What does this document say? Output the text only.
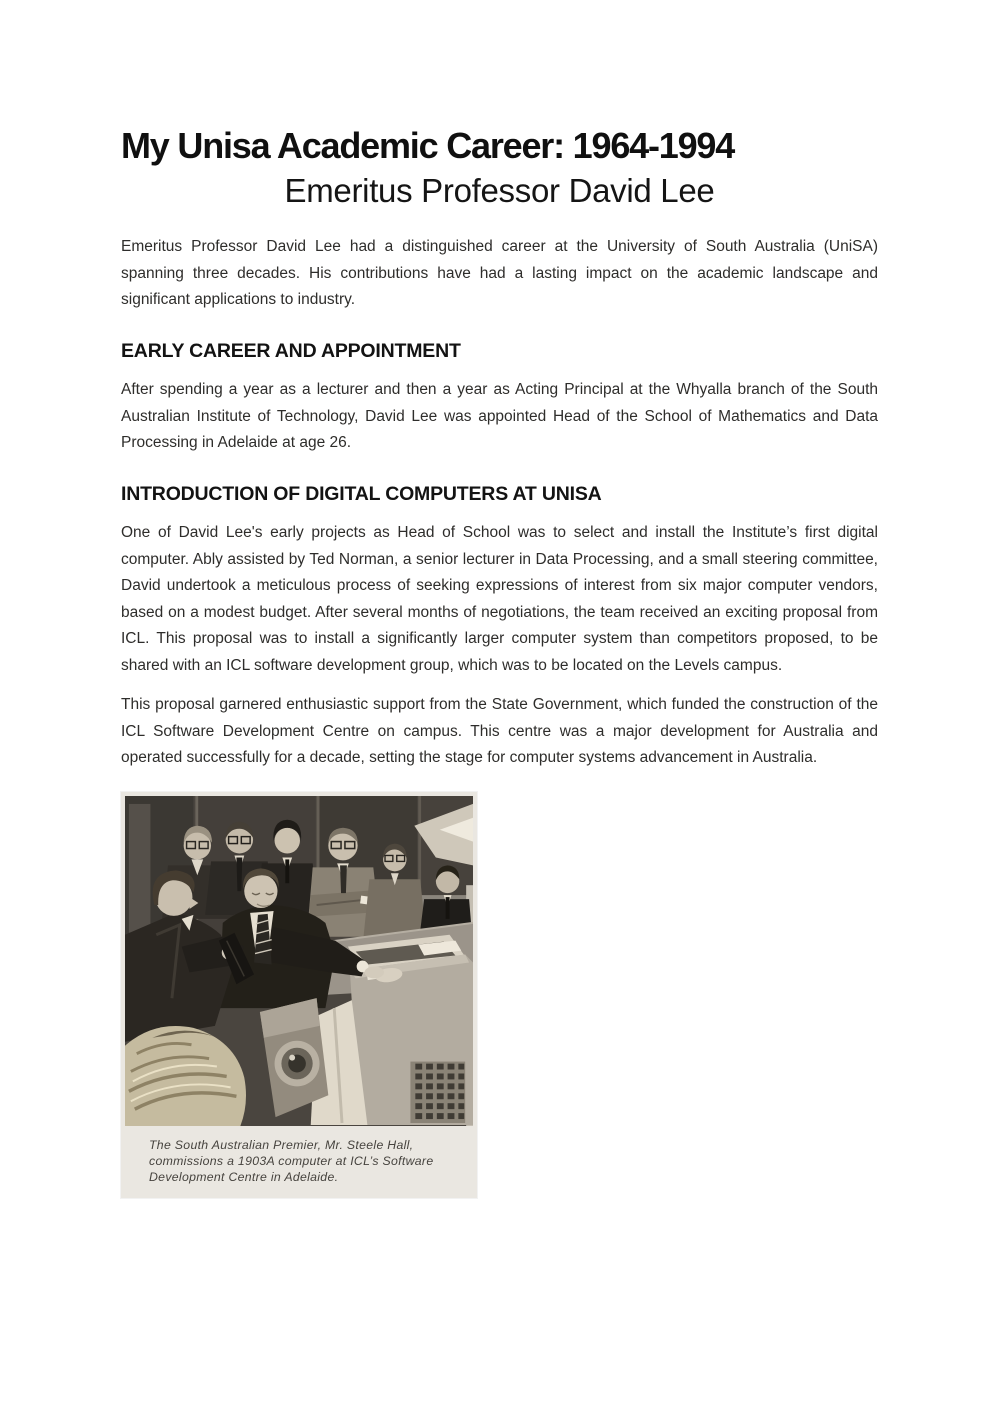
My Unisa Academic Career: 1964-1994

Emeritus Professor David Lee

Emeritus Professor David Lee had a distinguished career at the University of South Australia (UniSA) spanning three decades. His contributions have had a lasting impact on the academic landscape and significant applications to industry.

EARLY CAREER AND APPOINTMENT

After spending a year as a lecturer and then a year as Acting Principal at the Whyalla branch of the South Australian Institute of Technology, David Lee was appointed Head of the School of Mathematics and Data Processing in Adelaide at age 26.

INTRODUCTION OF DIGITAL COMPUTERS AT UNISA

One of David Lee's early projects as Head of School was to select and install the Institute’s first digital computer. Ably assisted by Ted Norman, a senior lecturer in Data Processing, and a small steering committee, David undertook a meticulous process of seeking expressions of interest from six major computer vendors, based on a modest budget. After several months of negotiations, the team received an exciting proposal from ICL. This proposal was to install a significantly larger computer system than competitors proposed, to be shared with an ICL software development group, which was to be located on the Levels campus.

This proposal garnered enthusiastic support from the State Government, which funded the construction of the ICL Software Development Centre on campus. This centre was a major development for Australia and operated successfully for a decade, setting the stage for computer systems advancement in Australia.

The South Australian Premier, Mr. Steele Hall,
commissions a 1903A computer at ICL’s Software
Development Centre in Adelaide.
